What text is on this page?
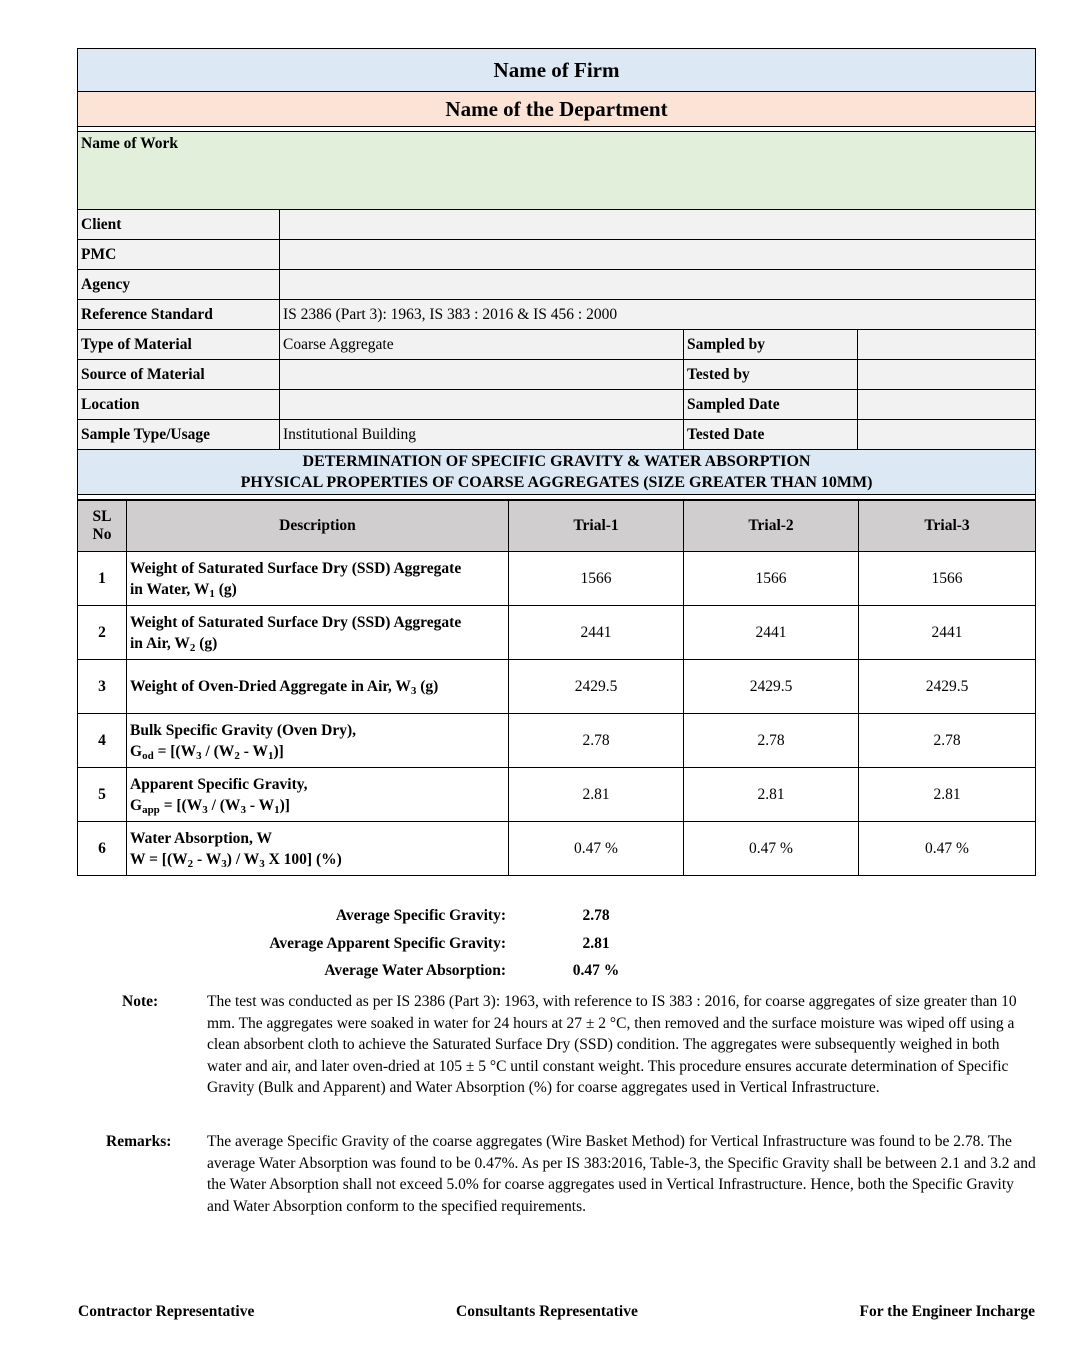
Name of Firm			
Name of the Department			

Name of Work			
Client			
PMC			
Agency			
Reference Standard	IS 2386 (Part 3): 1963, IS 383 : 2016 & IS 456 : 2000		
Type of Material	Coarse Aggregate	Sampled by	
Source of Material		Tested by	
Location		Sampled Date	
Sample Type/Usage	Institutional Building	Tested Date	

DETERMINATION OF SPECIFIC GRAVITY & WATER ABSORPTION
PHYSICAL PROPERTIES OF COARSE AGGREGATES (SIZE GREATER THAN 10MM)			

SL
No	Description	Trial-1	Trial-2	Trial-3
1	Weight of Saturated Surface Dry (SSD) Aggregate
in Water, $W_1$ (g)	1566	1566	1566
2	Weight of Saturated Surface Dry (SSD) Aggregate
in Air, $W_2$ (g)	2441	2441	2441
3	Weight of Oven-Dried Aggregate in Air, $W_3$ (g)	2429.5	2429.5	2429.5
4	Bulk Specific Gravity (Oven Dry),
$G_{od} = [(W_3 / (W_2 - W_1)]$	2.78	2.78	2.78
5	Apparent Specific Gravity,
$G_{app} = [(W_3 / (W_3 - W_1)]$	2.81	2.81	2.81
6	Water Absorption, W
$W = [(W_2 - W_3) / W_3$ X 100] (%)	0.47 %	0.47 %	0.47 %
Average Specific Gravity:	2.78
Average Apparent Specific Gravity:	2.81
Average Water Absorption:	0.47 %
Note:	The test was conducted as per IS 2386 (Part 3): 1963, with reference to IS 383 : 2016, for coarse aggregates of size greater than 10 mm. The aggregates were soaked in water for 24 hours at 27 ± 2 °C, then removed and the surface moisture was wiped off using a clean absorbent cloth to achieve the Saturated Surface Dry (SSD) condition. The aggregates were subsequently weighed in both water and air, and later oven-dried at 105 ± 5 °C until constant weight. This procedure ensures accurate determination of Specific Gravity (Bulk and Apparent) and Water Absorption (%) for coarse aggregates used in Vertical Infrastructure.
Remarks: The average Specific Gravity of the coarse aggregates (Wire Basket Method) for Vertical Infrastructure was found to be 2.78. The average Water Absorption was found to be 0.47%. As per IS 383:2016, Table-3, the Specific Gravity shall be between 2.1 and 3.2 and the Water Absorption shall not exceed 5.0% for coarse aggregates used in Vertical Infrastructure. Hence, both the Specific Gravity and Water Absorption conform to the specified requirements.
Contractor Representative	Consultants Representative	For the Engineer Incharge
